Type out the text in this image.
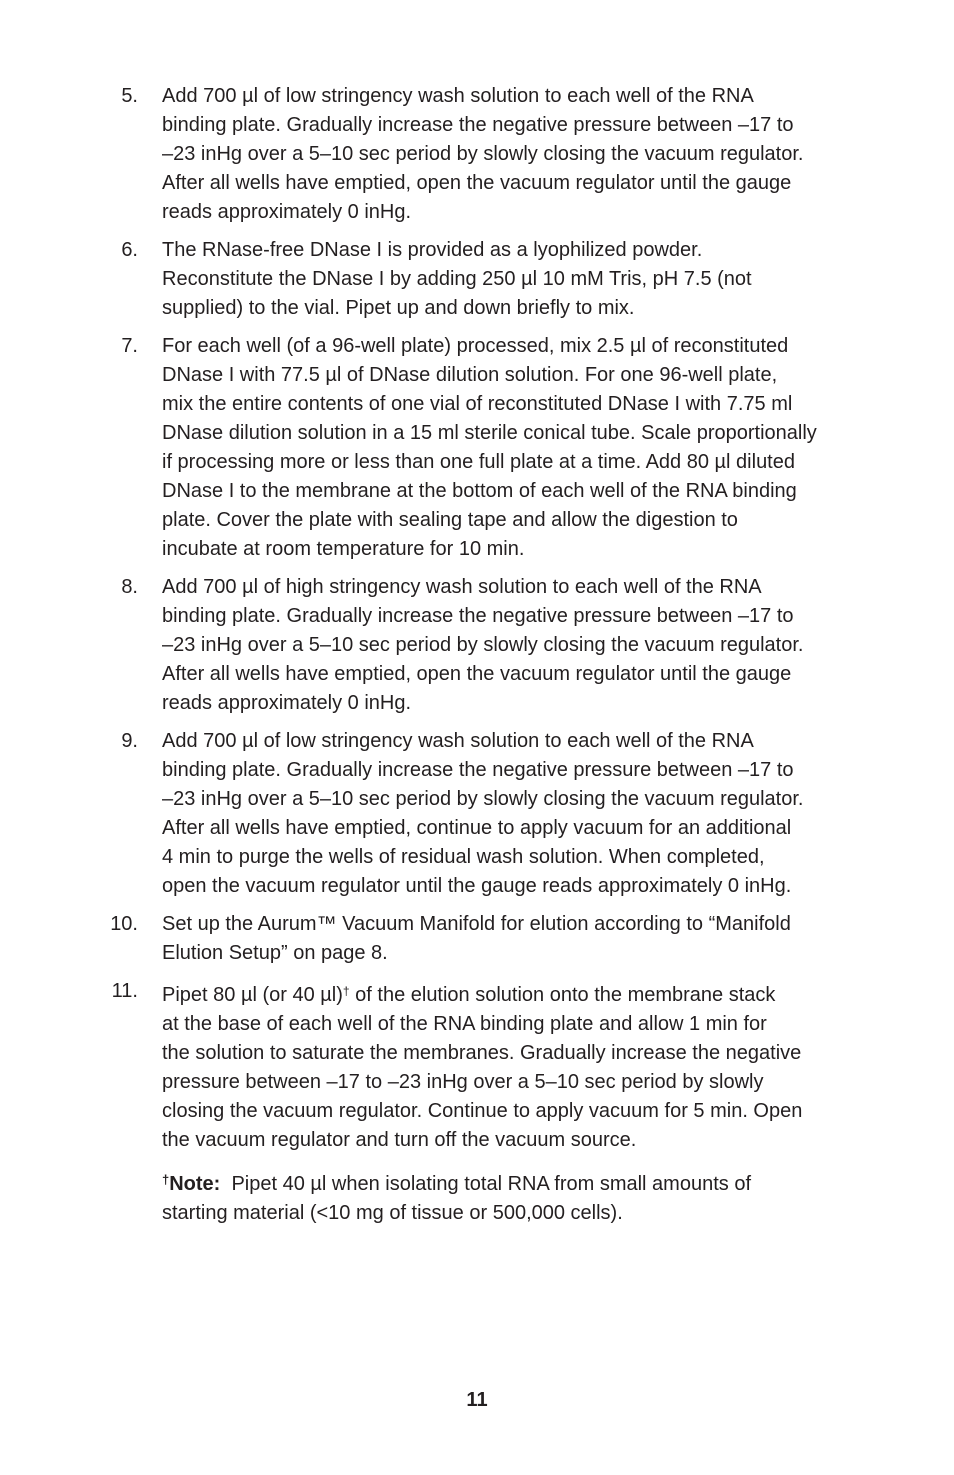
5. Add 700 µl of low stringency wash solution to each well of the RNA
binding plate. Gradually increase the negative pressure between –17 to
–23 inHg over a 5–10 sec period by slowly closing the vacuum regulator.
After all wells have emptied, open the vacuum regulator until the gauge
reads approximately 0 inHg.
6. The RNase-free DNase I is provided as a lyophilized powder.
Reconstitute the DNase I by adding 250 µl 10 mM Tris, pH 7.5 (not
supplied) to the vial. Pipet up and down briefly to mix.
7. For each well (of a 96-well plate) processed, mix 2.5 µl of reconstituted
DNase I with 77.5 µl of DNase dilution solution. For one 96-well plate,
mix the entire contents of one vial of reconstituted DNase I with 7.75 ml
DNase dilution solution in a 15 ml sterile conical tube. Scale proportionally
if processing more or less than one full plate at a time. Add 80 µl diluted
DNase I to the membrane at the bottom of each well of the RNA binding
plate. Cover the plate with sealing tape and allow the digestion to
incubate at room temperature for 10 min.
8. Add 700 µl of high stringency wash solution to each well of the RNA
binding plate. Gradually increase the negative pressure between –17 to
–23 inHg over a 5–10 sec period by slowly closing the vacuum regulator.
After all wells have emptied, open the vacuum regulator until the gauge
reads approximately 0 inHg.
9. Add 700 µl of low stringency wash solution to each well of the RNA
binding plate. Gradually increase the negative pressure between –17 to
–23 inHg over a 5–10 sec period by slowly closing the vacuum regulator.
After all wells have emptied, continue to apply vacuum for an additional
4 min to purge the wells of residual wash solution. When completed,
open the vacuum regulator until the gauge reads approximately 0 inHg.
10. Set up the Aurum™ Vacuum Manifold for elution according to “Manifold
Elution Setup” on page 8.
11. Pipet 80 µl (or 40 µl)† of the elution solution onto the membrane stack
at the base of each well of the RNA binding plate and allow 1 min for
the solution to saturate the membranes. Gradually increase the negative
pressure between –17 to –23 inHg over a 5–10 sec period by slowly
closing the vacuum regulator. Continue to apply vacuum for 5 min. Open
the vacuum regulator and turn off the vacuum source.
†Note:  Pipet 40 µl when isolating total RNA from small amounts of
starting material (<10 mg of tissue or 500,000 cells).
11
